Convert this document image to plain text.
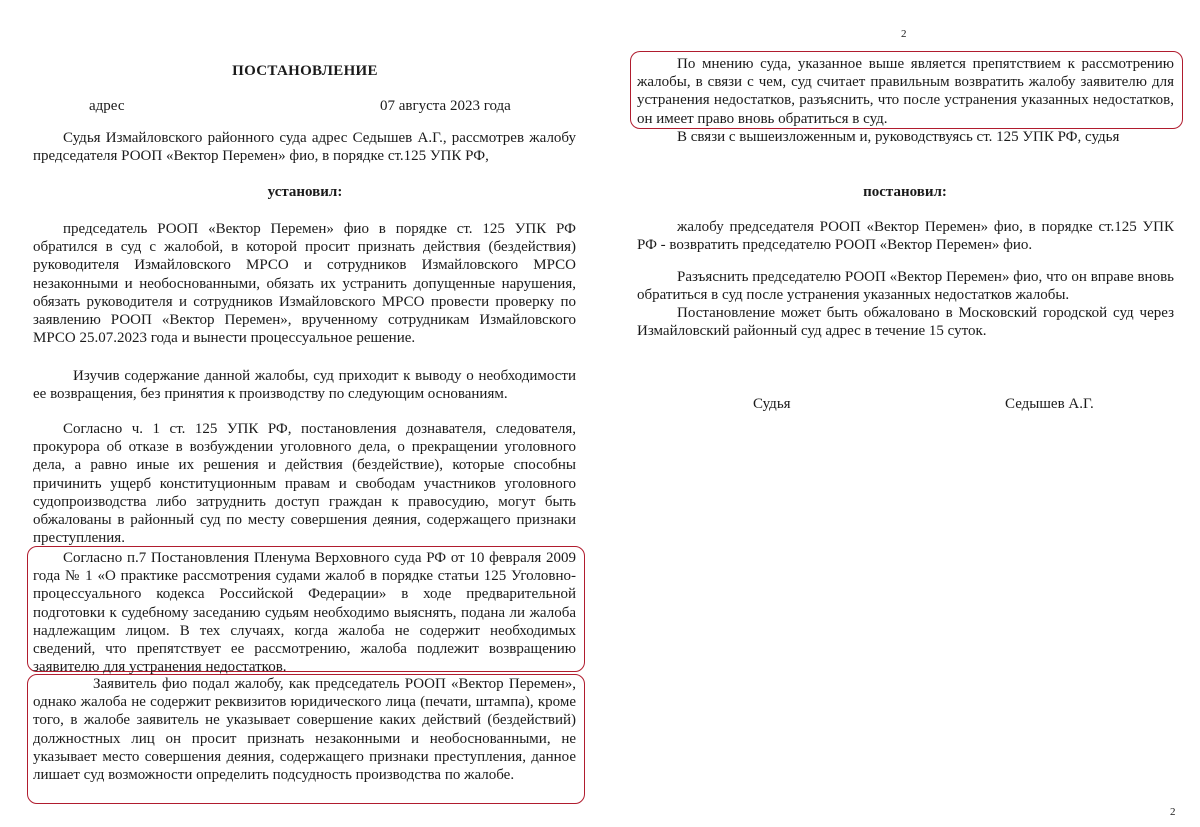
ПОСТАНОВЛЕНИЕ

адрес	07 августа 2023 года

Судья Измайловского районного суда адрес Седышев А.Г., рассмотрев жалобу председателя РООП «Вектор Перемен» фио, в порядке ст.125 УПК РФ,

установил:

председатель РООП «Вектор Перемен» фио в порядке ст. 125 УПК РФ обратился в суд с жалобой, в которой просит признать действия (бездействия) руководителя Измайловского МРСО и сотрудников Измайловского МРСО незаконными и необоснованными, обязать их устранить допущенные нарушения, обязать руководителя и сотрудников Измайловского МРСО провести проверку по заявлению РООП «Вектор Перемен», врученному сотрудникам Измайловского МРСО 25.07.2023 года и вынести процессуальное решение.

Изучив содержание данной жалобы, суд приходит к выводу о необходимости ее возвращения, без принятия к производству по следующим основаниям.

Согласно ч. 1 ст. 125 УПК РФ, постановления дознавателя, следователя, прокурора об отказе в возбуждении уголовного дела, о прекращении уголовного дела, а равно иные их решения и действия (бездействие), которые способны причинить ущерб конституционным правам и свободам участников уголовного судопроизводства либо затруднить доступ граждан к правосудию, могут быть обжалованы в районный суд по месту совершения деяния, содержащего признаки преступления.

Согласно п.7 Постановления Пленума Верховного суда РФ от 10 февраля 2009 года № 1 «О практике рассмотрения судами жалоб в порядке статьи 125 Уголовно-процессуального кодекса Российской Федерации» в ходе предварительной подготовки к судебному заседанию судьям необходимо выяснять, подана ли жалоба надлежащим лицом. В тех случаях, когда жалоба не содержит необходимых сведений, что препятствует ее рассмотрению, жалоба подлежит возвращению заявителю для устранения недостатков.

Заявитель фио подал жалобу, как председатель РООП «Вектор Перемен», однако жалоба не содержит реквизитов юридического лица (печати, штампа), кроме того, в жалобе заявитель не указывает совершение каких действий (бездействий) должностных лиц он просит признать незаконными и необоснованными, не указывает место совершения деяния, содержащего признаки преступления, данное лишает суд возможности определить подсудность производства по жалобе.

2

По мнению суда, указанное выше является препятствием к рассмотрению жалобы, в связи с чем, суд считает правильным возвратить жалобу заявителю для устранения недостатков, разъяснить, что после устранения указанных недостатков, он имеет право вновь обратиться в суд.

В связи с вышеизложенным и, руководствуясь ст. 125 УПК РФ, судья

постановил:

жалобу председателя РООП «Вектор Перемен» фио, в порядке ст.125 УПК РФ - возвратить председателю РООП «Вектор Перемен» фио.

Разъяснить председателю РООП «Вектор Перемен» фио, что он вправе вновь обратиться в суд после устранения указанных недостатков жалобы.

Постановление может быть обжаловано в Московский городской суд через Измайловский районный суд адрес в течение 15 суток.

Судья	Седышев А.Г.
2
